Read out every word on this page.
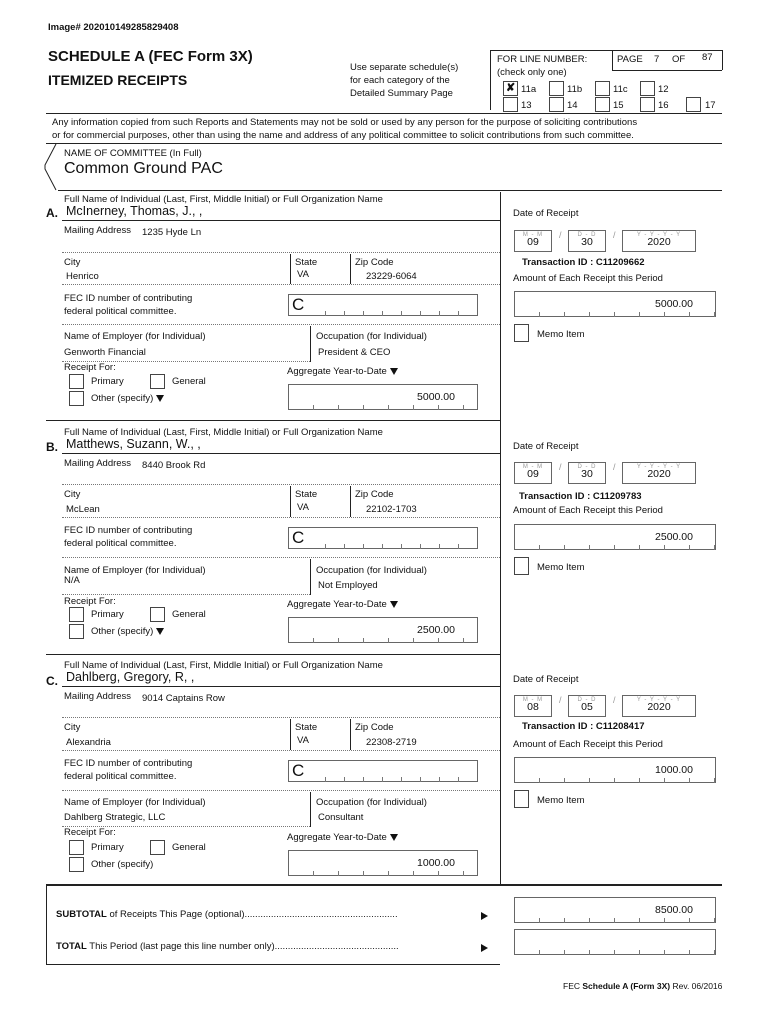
Image# 202010149285829408
SCHEDULE A (FEC Form 3X)
ITEMIZED RECEIPTS
Use separate schedule(s)
for each category of the
Detailed Summary Page
FOR LINE NUMBER:
(check only one)
PAGE 7 OF 87
✘ 11a	11b	11c	12
13	14	15	16	17
Any information copied from such Reports and Statements may not be sold or used by any person for the purpose of soliciting contributions
or for commercial purposes, other than using the name and address of any political committee to solicit contributions from such committee.
NAME OF COMMITTEE (In Full)
Common Ground PAC
Full Name of Individual (Last, First, Middle Initial) or Full Organization Name
A. McInerney, Thomas, J., ,
Mailing Address 1235 Hyde Ln
City	State	Zip Code
Henrico	VA	23229-6064
FEC ID number of contributing
federal political committee.	C
Name of Employer (for Individual)	Occupation (for Individual)
Genworth Financial	President & CEO
Receipt For:
Primary	General
Other (specify)
Aggregate Year-to-Date
5000.00
Date of Receipt
M - M
09
/	D - D
30
/	Y - Y - Y - Y
2020
Transaction ID : C11209662
Amount of Each Receipt this Period
5000.00
Memo Item
Full Name of Individual (Last, First, Middle Initial) or Full Organization Name
B. Matthews, Suzann, W., ,
Mailing Address 8440 Brook Rd
City	State	Zip Code
McLean	VA	22102-1703
FEC ID number of contributing
federal political committee.	C
Name of Employer (for Individual)	Occupation (for Individual)
N/A	Not Employed
Receipt For:
Primary	General
Other (specify)
Aggregate Year-to-Date
2500.00
Date of Receipt
M - M
09
/	D - D
30
/	Y - Y - Y - Y
2020
Transaction ID : C11209783
Amount of Each Receipt this Period
2500.00
Memo Item
Full Name of Individual (Last, First, Middle Initial) or Full Organization Name
C. Dahlberg, Gregory, R, ,
Mailing Address 9014 Captains Row
City	State	Zip Code
Alexandria	VA	22308-2719
FEC ID number of contributing
federal political committee.	C
Name of Employer (for Individual)	Occupation (for Individual)
Dahlberg Strategic, LLC	Consultant
Receipt For:
Primary	General
Other (specify)
Aggregate Year-to-Date
1000.00
Date of Receipt
M - M
08
/	D - D
05
/	Y - Y - Y - Y
2020
Transaction ID : C11208417
Amount of Each Receipt this Period
1000.00
Memo Item
SUBTOTAL of Receipts This Page (optional)..........................................................	8500.00
TOTAL This Period (last page this line number only)...............................................
FEC Schedule A (Form 3X) Rev. 06/2016
